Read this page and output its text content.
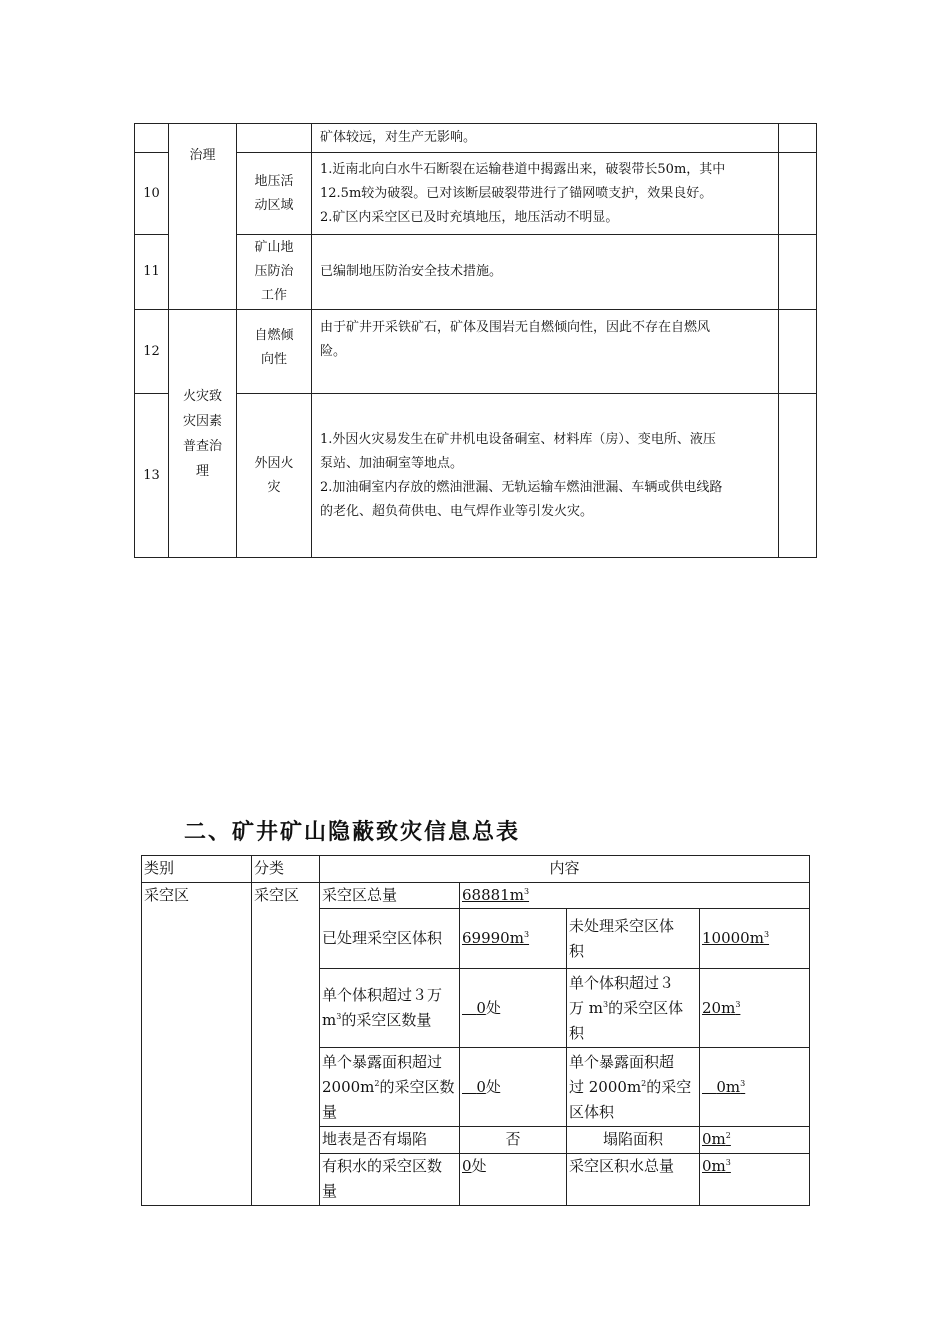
	治理		矿体较远，对生产无影响。	
10		地压活
动区域	1.近南北向白水牛石断裂在运输巷道中揭露出来，破裂带长50m，其中
12.5m较为破裂。已对该断层破裂带进行了锚网喷支护，效果良好。
2.矿区内采空区已及时充填地压，地压活动不明显。	

11		矿山地
压防治
工作	已编制地压防治安全技术措施。	
12	火灾致
灾因素
普查治
理	自燃倾
向性	由于矿井开采铁矿石，矿体及围岩无自燃倾向性，因此不存在自燃风
险。	

13		外因火
灾	1.外因火灾易发生在矿井机电设备硐室、材料库（房）、变电所、液压
泵站、加油硐室等地点。
2.加油硐室内存放的燃油泄漏、无轨运输车燃油泄漏、车辆或供电线路
的老化、超负荷供电、电气焊作业等引发火灾。	

二、矿井矿山隐蔽致灾信息总表
类别	分类	内容			
采空区	采空区	采空区总量	$68881m^3$
		已处理采空区体积	$69990m^3$	未处理采空区体
积	$10000m^3$

		单个体积超过３万
$m^3$的采空区数量	0处	单个体积超过３
万 $m^3$的采空区体
积	$20m^3$

		单个暴露面积超过
$2000m^2$的采空区数
量	0处	单个暴露面积超
过 $2000m^2$的采空
区体积	$0m^3$
		地表是否有塌陷	否	塌陷面积	$0m^2$

		有积水的采空区数
量	0处	采空区积水总量	$0m^3$
